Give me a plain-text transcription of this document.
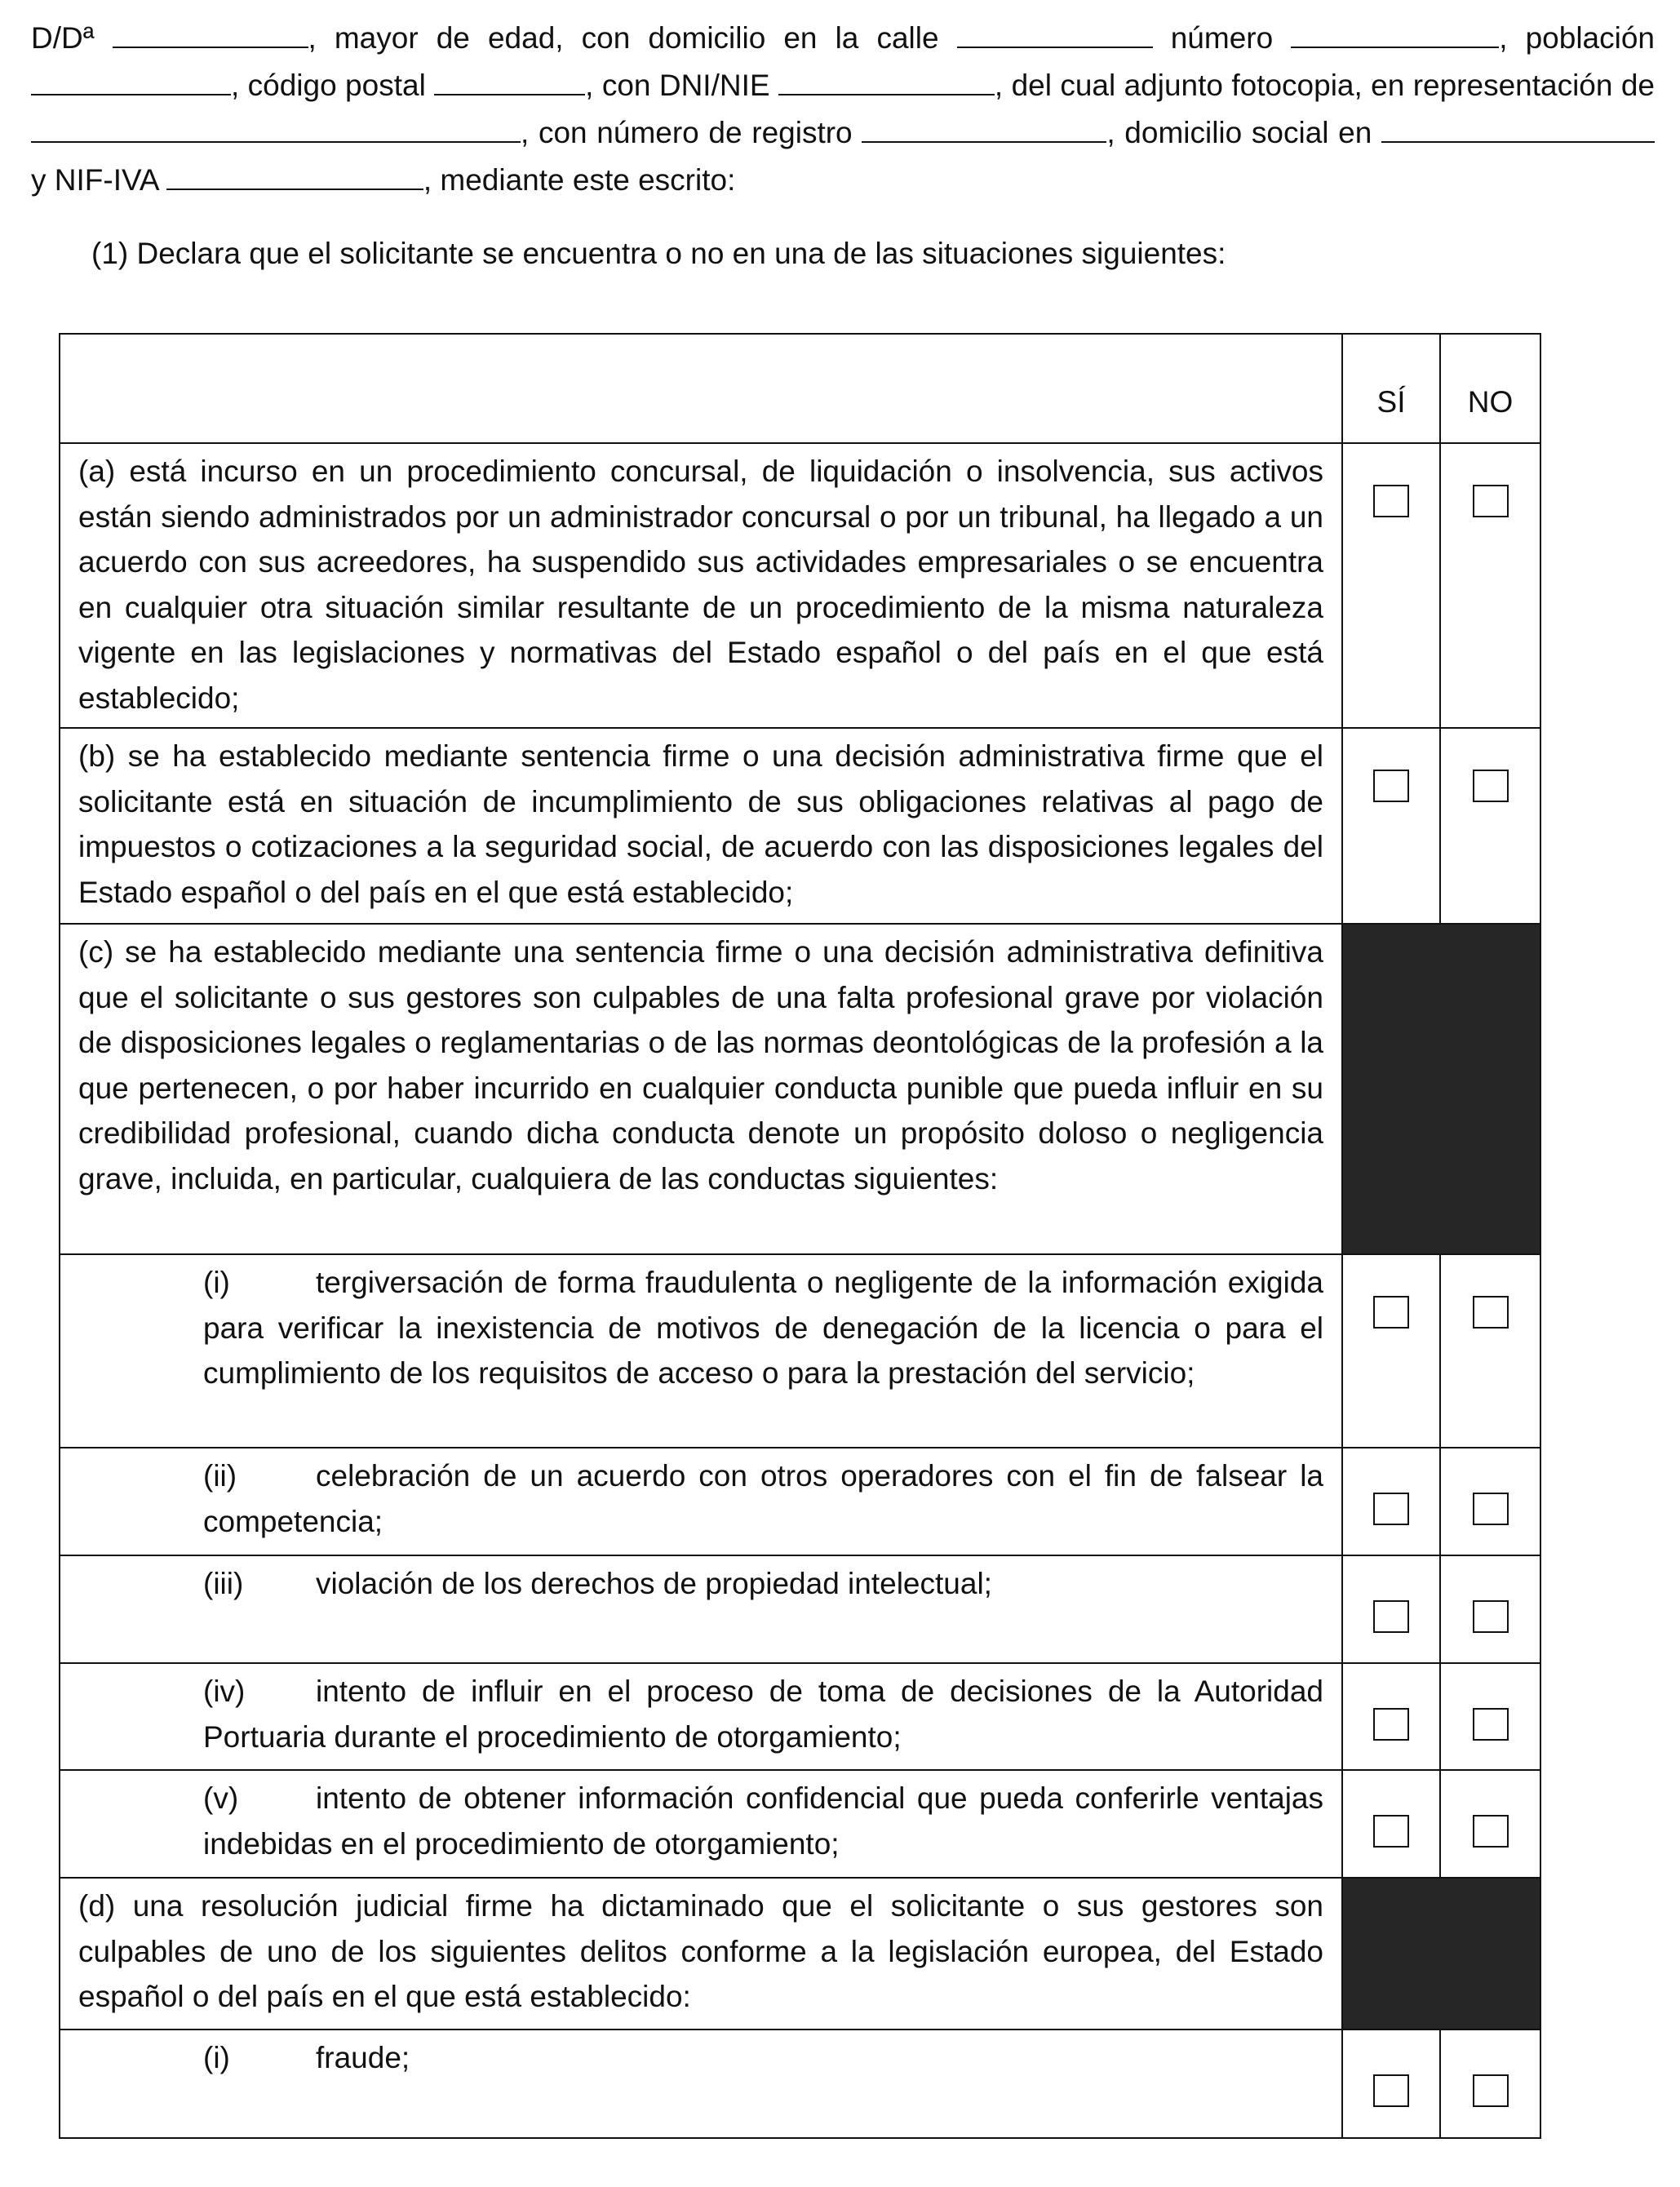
D/Dª	, mayor de edad, con domicilio en la calle	número	, población , código postal	, con DNI/NIE	, del cual adjunto fotocopia, en representación de , con número de registro	, domicilio social en  y NIF-IVA	, mediante este escrito:
(1) Declara que el solicitante se encuentra o no en una de las situaciones siguientes:
	SÍ	NO
(a) está incurso en un procedimiento concursal, de liquidación o insolvencia, sus activos están siendo administrados por un administrador concursal o por un tribunal, ha llegado a un acuerdo con sus acreedores, ha suspendido sus actividades empresariales o se encuentra en cualquier otra situación similar resultante de un procedimiento de la misma naturaleza vigente en las legislaciones y normativas del Estado español o del país en el que está establecido;		
(b) se ha establecido mediante sentencia firme o una decisión administrativa firme que el solicitante está en situación de incumplimiento de sus obligaciones relativas al pago de impuestos o cotizaciones a la seguridad social, de acuerdo con las disposiciones legales del Estado español o del país en el que está establecido;		
(c) se ha establecido mediante una sentencia firme o una decisión administrativa definitiva que el solicitante o sus gestores son culpables de una falta profesional grave por violación de disposiciones legales o reglamentarias o de las normas deontológicas de la profesión a la que pertenecen, o por haber incurrido en cualquier conducta punible que pueda influir en su credibilidad profesional, cuando dicha conducta denote un propósito doloso o negligencia grave, incluida, en particular, cualquiera de las conductas siguientes:		
(i) tergiversación de forma fraudulenta o negligente de la información exigida para verificar la inexistencia de motivos de denegación de la licencia o para el cumplimiento de los requisitos de acceso o para la prestación del servicio;		
(ii) celebración de un acuerdo con otros operadores con el fin de falsear la competencia;		
(iii) violación de los derechos de propiedad intelectual;		
(iv) intento de influir en el proceso de toma de decisiones de la Autoridad Portuaria durante el procedimiento de otorgamiento;		
(v) intento de obtener información confidencial que pueda conferirle ventajas indebidas en el procedimiento de otorgamiento;		
(d) una resolución judicial firme ha dictaminado que el solicitante o sus gestores son culpables de uno de los siguientes delitos conforme a la legislación europea, del Estado español o del país en el que está establecido:		
(i) fraude;		
